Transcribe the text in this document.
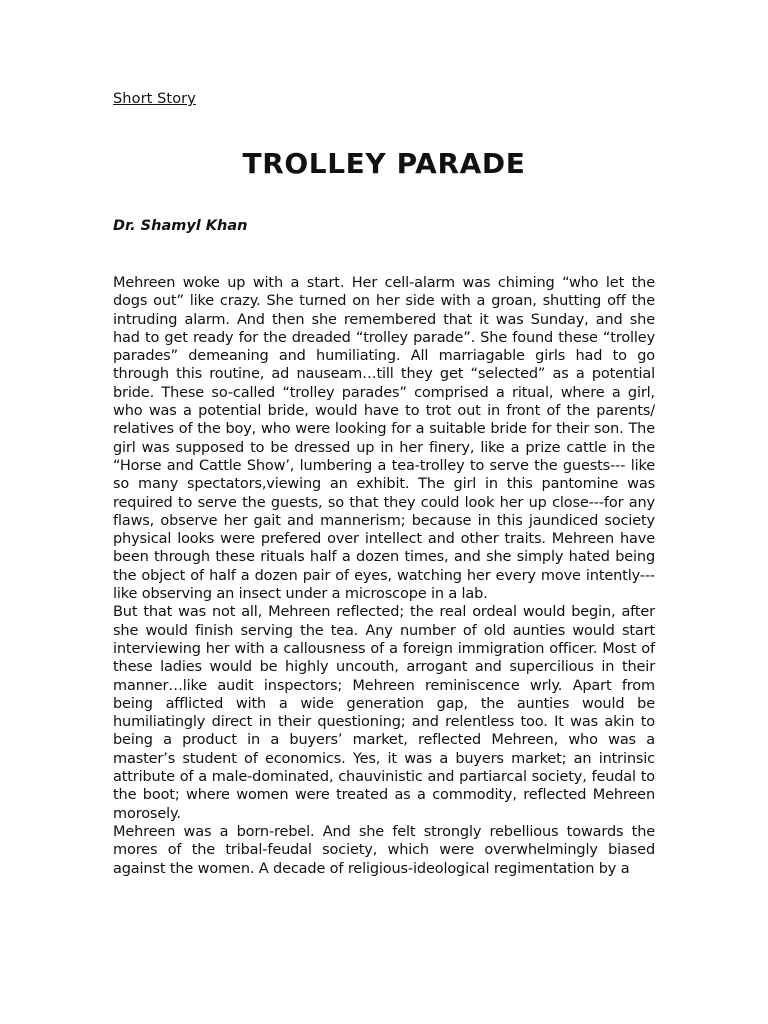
Short Story
TROLLEY PARADE
Dr. Shamyl Khan

Mehreen woke up with a start. Her cell-alarm was chiming “who let the dogs out” like crazy. She turned on her side with a groan, shutting off the intruding alarm. And then she remembered that it was Sunday, and she had to get ready for the dreaded “trolley parade”. She found these “trolley parades” demeaning and humiliating. All marriagable girls had to go through this routine, ad nauseam…till they get “selected” as a potential bride. These so-called “trolley parades” comprised a ritual, where a girl, who was a potential bride, would have to trot out in front of the parents/ relatives of the boy, who were looking for a suitable bride for their son. The girl was supposed to be dressed up in her finery, like a prize cattle in the “Horse and Cattle Show’, lumbering a tea-trolley to serve the guests--- like so many spectators,viewing an exhibit. The girl in this pantomine was required to serve the guests, so that they could look her up close---for any flaws, observe her gait and mannerism; because in this jaundiced society physical looks were prefered over intellect and other traits. Mehreen have been through these rituals half a dozen times, and she simply hated being the object of half a dozen pair of eyes, watching her every move intently---like observing an insect under a microscope in a lab.

But that was not all, Mehreen reflected; the real ordeal would begin, after she would finish serving the tea. Any number of old aunties would start interviewing her with a callousness of a foreign immigration officer. Most of these ladies would be highly uncouth, arrogant and supercilious in their manner…like audit inspectors; Mehreen reminiscence wrly. Apart from being afflicted with a wide generation gap, the aunties would be humiliatingly direct in their questioning; and relentless too. It was akin to being a product in a buyers’ market, reflected Mehreen, who was a master’s student of economics. Yes, it was a buyers market; an intrinsic attribute of a male-dominated, chauvinistic and partiarcal society, feudal to the boot; where women were treated as a commodity, reflected Mehreen morosely.

Mehreen was a born-rebel. And she felt strongly rebellious towards the mores of the tribal-feudal society, which were overwhelmingly biased against the women. A decade of religious-ideological regimentation by a
